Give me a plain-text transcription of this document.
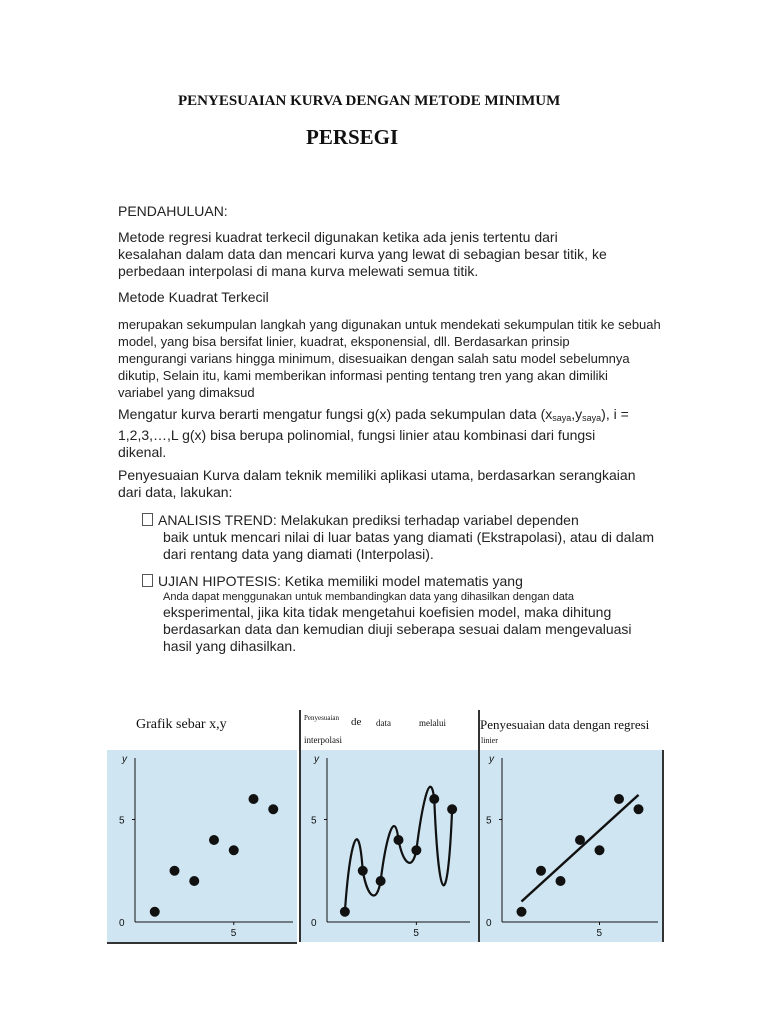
PENYESUAIAN KURVA DENGAN METODE MINIMUM
PERSEGI
PENDAHULUAN:
Metode regresi kuadrat terkecil digunakan ketika ada jenis tertentu dari
kesalahan dalam data dan mencari kurva yang lewat di sebagian besar titik, ke
perbedaan interpolasi di mana kurva melewati semua titik.
Metode Kuadrat Terkecil
merupakan sekumpulan langkah yang digunakan untuk mendekati sekumpulan titik ke sebuah
model, yang bisa bersifat linier, kuadrat, eksponensial, dll. Berdasarkan prinsip
mengurangi varians hingga minimum, disesuaikan dengan salah satu model sebelumnya
dikutip, Selain itu, kami memberikan informasi penting tentang tren yang akan dimiliki
variabel yang dimaksud
Mengatur kurva berarti mengatur fungsi g(x) pada sekumpulan data $(x_{saya},y_{saya})$, i =
1,2,3,…,L g(x) bisa berupa polinomial, fungsi linier atau kombinasi dari fungsi
dikenal.
Penyesuaian Kurva dalam teknik memiliki aplikasi utama, berdasarkan serangkaian
dari data, lakukan:
ANALISIS TREND: Melakukan prediksi terhadap variabel dependen
baik untuk mencari nilai di luar batas yang diamati (Ekstrapolasi), atau di dalam
dari rentang data yang diamati (Interpolasi).
UJIAN HIPOTESIS: Ketika memiliki model matematis yang
Anda dapat menggunakan untuk membandingkan data yang dihasilkan dengan data
eksperimental, jika kita tidak mengetahui koefisien model, maka dihitung
berdasarkan data dan kemudian diuji seberapa sesuai dalam mengevaluasi
hasil yang dihasilkan.
Grafik sebar x,y
y
0
5
5
Penyesuaian de data	melalui
interpolasi
y
0
5
5
Penyesuaian data dengan regresi
linier
y
0
5
5
